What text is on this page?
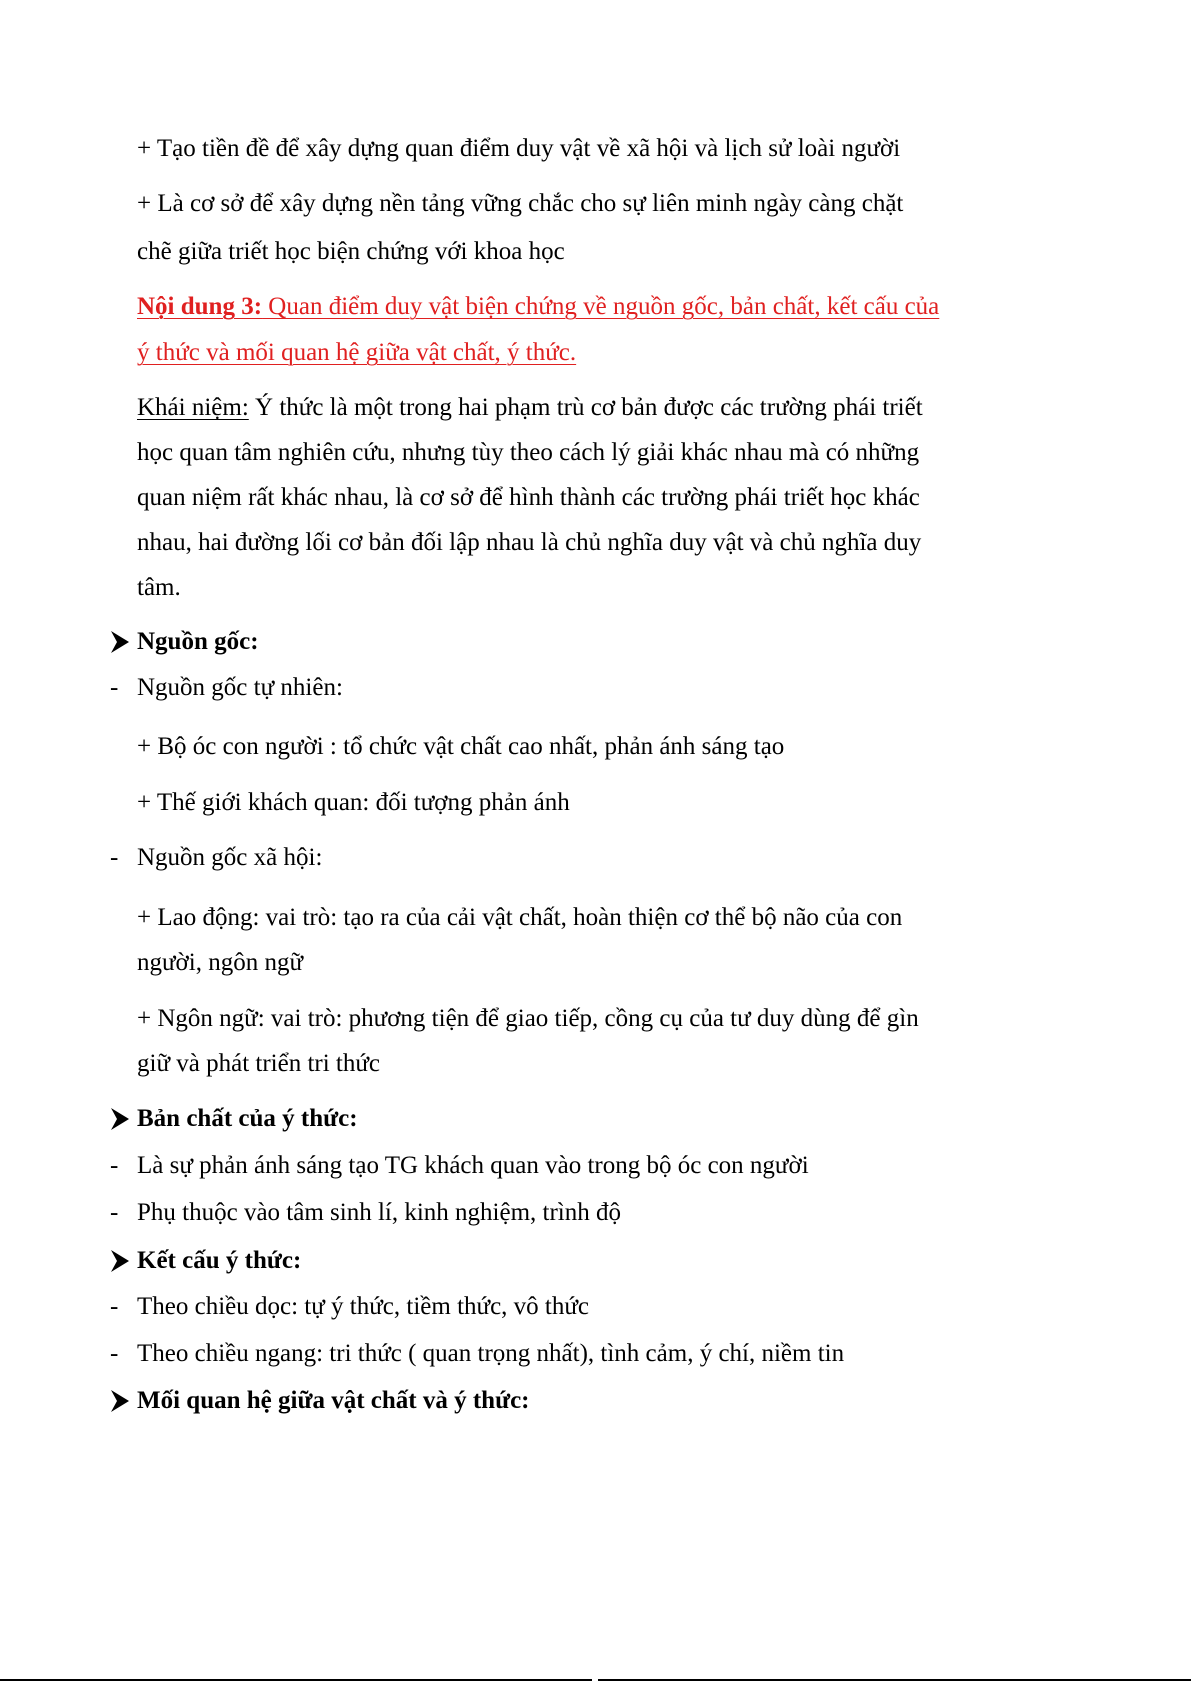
+ Tạo tiền đề để xây dựng quan điểm duy vật về xã hội và lịch sử loài người
+ Là cơ sở để xây dựng nền tảng vững chắc cho sự liên minh ngày càng chặt
chẽ giữa triết học biện chứng với khoa học
Nội dung 3: Quan điểm duy vật biện chứng về nguồn gốc, bản chất, kết cấu của
ý thức và mối quan hệ giữa vật chất, ý thức.
Khái niệm: Ý thức là một trong hai phạm trù cơ bản được các trường phái triết
học quan tâm nghiên cứu, nhưng tùy theo cách lý giải khác nhau mà có những
quan niệm rất khác nhau, là cơ sở để hình thành các trường phái triết học khác
nhau, hai đường lối cơ bản đối lập nhau là chủ nghĩa duy vật và chủ nghĩa duy
tâm.
Nguồn gốc:
- Nguồn gốc tự nhiên:
+ Bộ óc con người : tổ chức vật chất cao nhất, phản ánh sáng tạo
+ Thế giới khách quan: đối tượng phản ánh
- Nguồn gốc xã hội:
+ Lao động: vai trò: tạo ra của cải vật chất, hoàn thiện cơ thể bộ não của con
người, ngôn ngữ
+ Ngôn ngữ: vai trò: phương tiện để giao tiếp, cồng cụ của tư duy dùng để gìn
giữ và phát triển tri thức
Bản chất của ý thức:
- Là sự phản ánh sáng tạo TG khách quan vào trong bộ óc con người
- Phụ thuộc vào tâm sinh lí, kinh nghiệm, trình độ
Kết cấu ý thức:
- Theo chiều dọc: tự ý thức, tiềm thức, vô thức
- Theo chiều ngang: tri thức ( quan trọng nhất), tình cảm, ý chí, niềm tin
Mối quan hệ giữa vật chất và ý thức:
